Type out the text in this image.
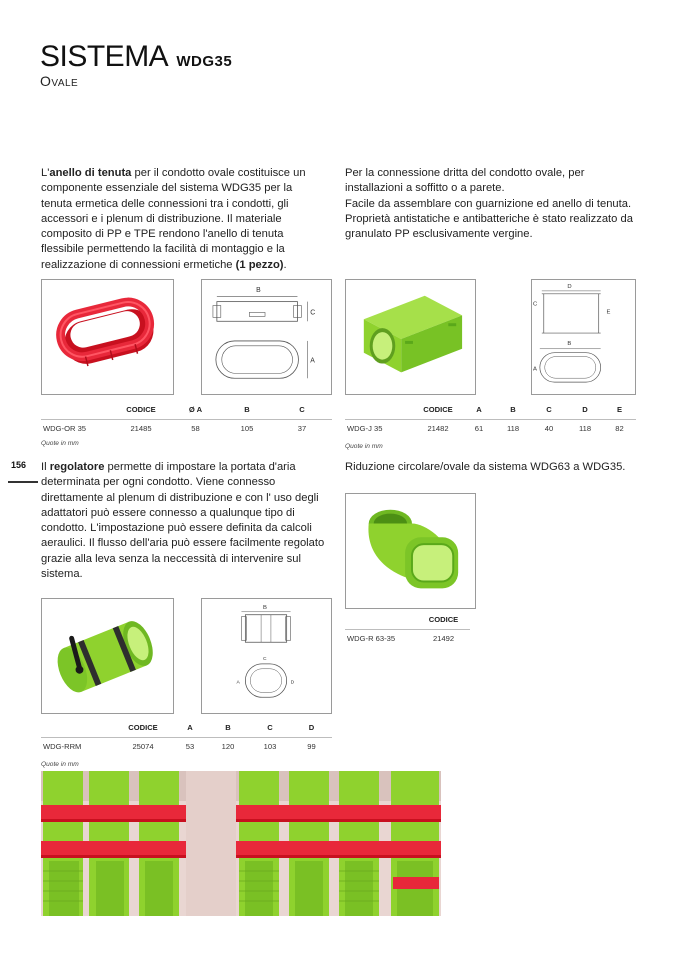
SISTEMA WDG35
Ovale
L'anello di tenuta per il condotto ovale costituisce un componente essenziale del sistema WDG35 per la tenuta ermetica delle connessioni tra i condotti, gli accessori e i plenum di distribuzione. Il materiale composito di PP e TPE rendono l'anello di tenuta flessibile permettendo la facilità di montaggio e la realizzazione di connessioni ermetiche (1 pezzo).
Per la connessione dritta del condotto ovale, per installazioni a soffitto o a parete.
Facile da assemblare con guarnizione ed anello di tenuta. Proprietà antistatiche e antibatteriche è stato realizzato da granulato PP esclusivamente vergine.
B
C
A
D
C
E
B
A
	CODICE	Ø A	B	C
WDG-OR 35	21485	58	105	37
Quote in mm
	CODICE	A	B	C	D	E
WDG-J 35	21482	61	118	40	118	82
Quote in mm
156 Il regolatore permette di impostare la portata d'aria determinata per ogni condotto. Viene connesso direttamente al plenum di distribuzione e con l' uso degli adattatori può essere connesso a qualunque tipo di condotto. L'impostazione può essere definita da calcoli aeraulici. Il flusso dell'aria può essere facilmente regolato grazie alla leva senza la neccessità di intervenire sul sistema.
Riduzione circolare/ovale da sistema WDG63 a WDG35.
	CODICE
WDG-R 63-35	21492
B
C
A	D
	CODICE	A	B	C	D
WDG-RRM	25074	53	120	103	99
Quote in mm
